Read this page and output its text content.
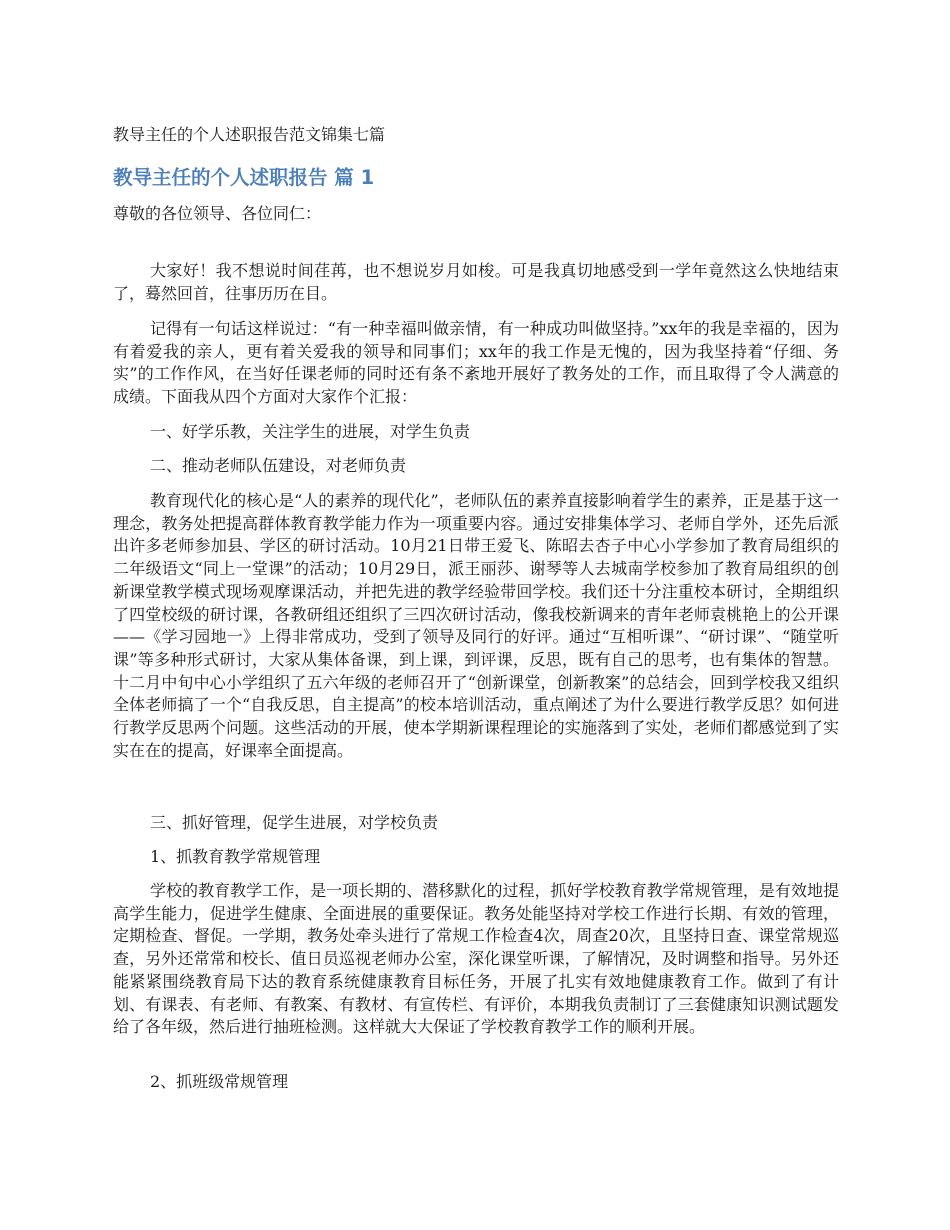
教导主任的个人述职报告范文锦集七篇
教导主任的个人述职报告 篇 1
尊敬的各位领导、各位同仁：

大家好！我不想说时间荏苒，也不想说岁月如梭。可是我真切地感受到一学年竟然这么快地结束了，蓦然回首，往事历历在目。

记得有一句话这样说过：“有一种幸福叫做亲情，有一种成功叫做坚持。”xx年的我是幸福的，因为有着爱我的亲人，更有着关爱我的领导和同事们；xx年的我工作是无愧的，因为我坚持着“仔细、务实”的工作作风，在当好任课老师的同时还有条不紊地开展好了教务处的工作，而且取得了令人满意的成绩。下面我从四个方面对大家作个汇报：

一、好学乐教，关注学生的进展，对学生负责

二、推动老师队伍建设，对老师负责

教育现代化的核心是“人的素养的现代化”，老师队伍的素养直接影响着学生的素养，正是基于这一理念，教务处把提高群体教育教学能力作为一项重要内容。通过安排集体学习、老师自学外，还先后派出许多老师参加县、学区的研讨活动。10月21日带王爱飞、陈昭去杏子中心小学参加了教育局组织的二年级语文“同上一堂课”的活动；10月29日，派王丽莎、谢琴等人去城南学校参加了教育局组织的创新课堂教学模式现场观摩课活动，并把先进的教学经验带回学校。我们还十分注重校本研讨，全期组织了四堂校级的研讨课，各教研组还组织了三四次研讨活动，像我校新调来的青年老师袁桃艳上的公开课——《学习园地一》上得非常成功，受到了领导及同行的好评。通过“互相听课”、“研讨课”、“随堂听课”等多种形式研讨，大家从集体备课，到上课，到评课，反思，既有自己的思考，也有集体的智慧。十二月中旬中心小学组织了五六年级的老师召开了“创新课堂，创新教案”的总结会，回到学校我又组织全体老师搞了一个“自我反思，自主提高”的校本培训活动，重点阐述了为什么要进行教学反思？如何进行教学反思两个问题。这些活动的开展，使本学期新课程理论的实施落到了实处，老师们都感觉到了实实在在的提高，好课率全面提高。

三、抓好管理，促学生进展，对学校负责

1、抓教育教学常规管理

学校的教育教学工作，是一项长期的、潜移默化的过程，抓好学校教育教学常规管理，是有效地提高学生能力，促进学生健康、全面进展的重要保证。教务处能坚持对学校工作进行长期、有效的管理，定期检查、督促。一学期，教务处牵头进行了常规工作检查4次，周查20次，且坚持日查、课堂常规巡查，另外还常常和校长、值日员巡视老师办公室，深化课堂听课，了解情况，及时调整和指导。另外还能紧紧围绕教育局下达的教育系统健康教育目标任务，开展了扎实有效地健康教育工作。做到了有计划、有课表、有老师、有教案、有教材、有宣传栏、有评价，本期我负责制订了三套健康知识测试题发给了各年级，然后进行抽班检测。这样就大大保证了学校教育教学工作的顺利开展。

2、抓班级常规管理
